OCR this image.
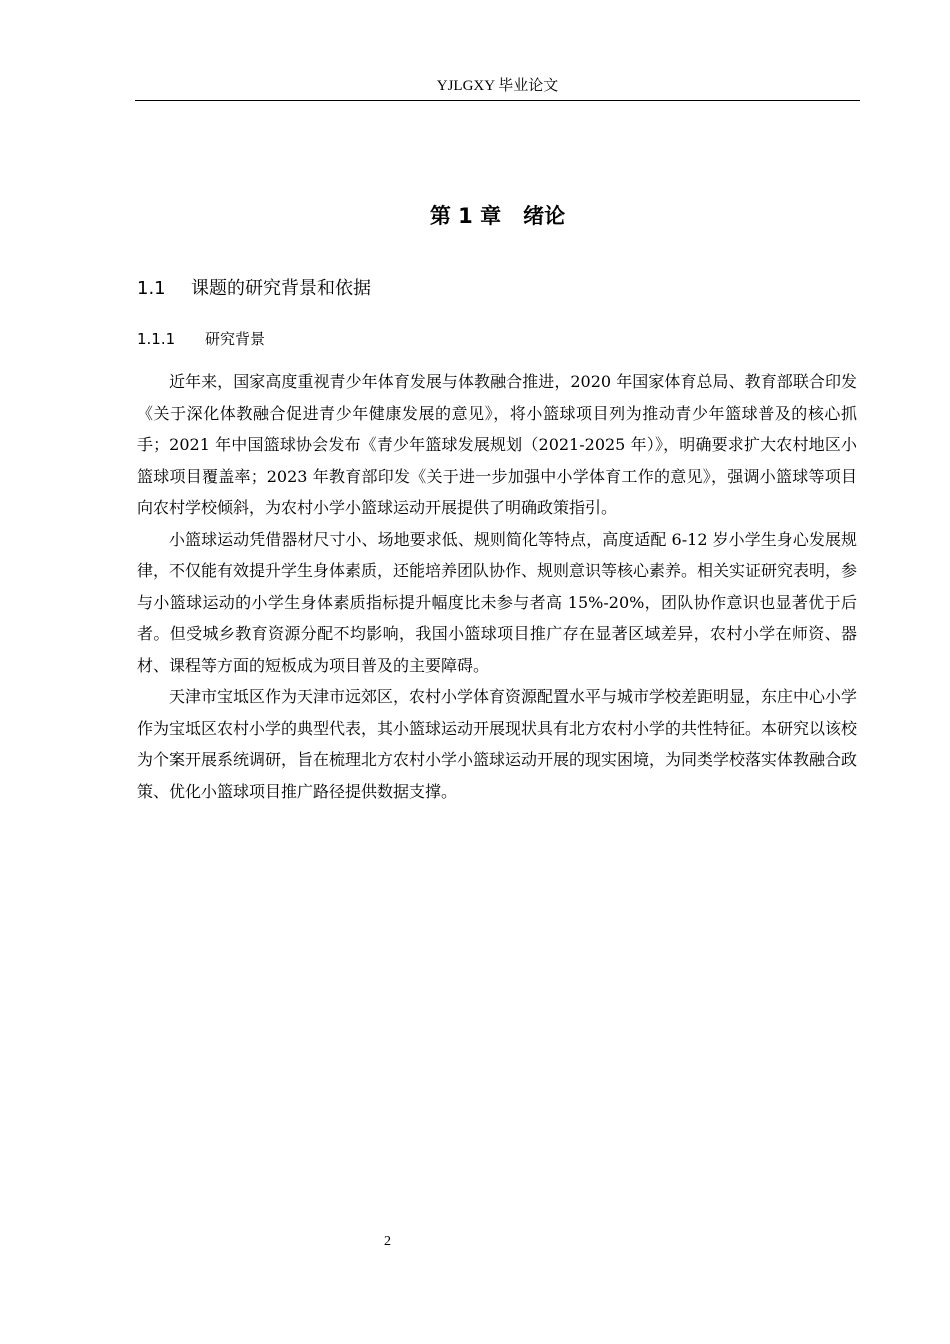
YJLGXY 毕业论文
第 1 章 绪论
1.1 课题的研究背景和依据
1.1.1 研究背景

近年来，国家高度重视青少年体育发展与体教融合推进，2020 年国家体育总局、教育部联合印发《关于深化体教融合促进青少年健康发展的意见》，将小篮球项目列为推动青少年篮球普及的核心抓手；2021 年中国篮球协会发布《青少年篮球发展规划（2021-2025 年）》，明确要求扩大农村地区小篮球项目覆盖率；2023 年教育部印发《关于进一步加强中小学体育工作的意见》，强调小篮球等项目向农村学校倾斜，为农村小学小篮球运动开展提供了明确政策指引。

小篮球运动凭借器材尺寸小、场地要求低、规则简化等特点，高度适配 6-12 岁小学生身心发展规律，不仅能有效提升学生身体素质，还能培养团队协作、规则意识等核心素养。相关实证研究表明，参与小篮球运动的小学生身体素质指标提升幅度比未参与者高 15%-20%，团队协作意识也显著优于后者。但受城乡教育资源分配不均影响，我国小篮球项目推广存在显著区域差异，农村小学在师资、器材、课程等方面的短板成为项目普及的主要障碍。

天津市宝坻区作为天津市远郊区，农村小学体育资源配置水平与城市学校差距明显，东庄中心小学作为宝坻区农村小学的典型代表，其小篮球运动开展现状具有北方农村小学的共性特征。本研究以该校为个案开展系统调研，旨在梳理北方农村小学小篮球运动开展的现实困境，为同类学校落实体教融合政策、优化小篮球项目推广路径提供数据支撑。

2
